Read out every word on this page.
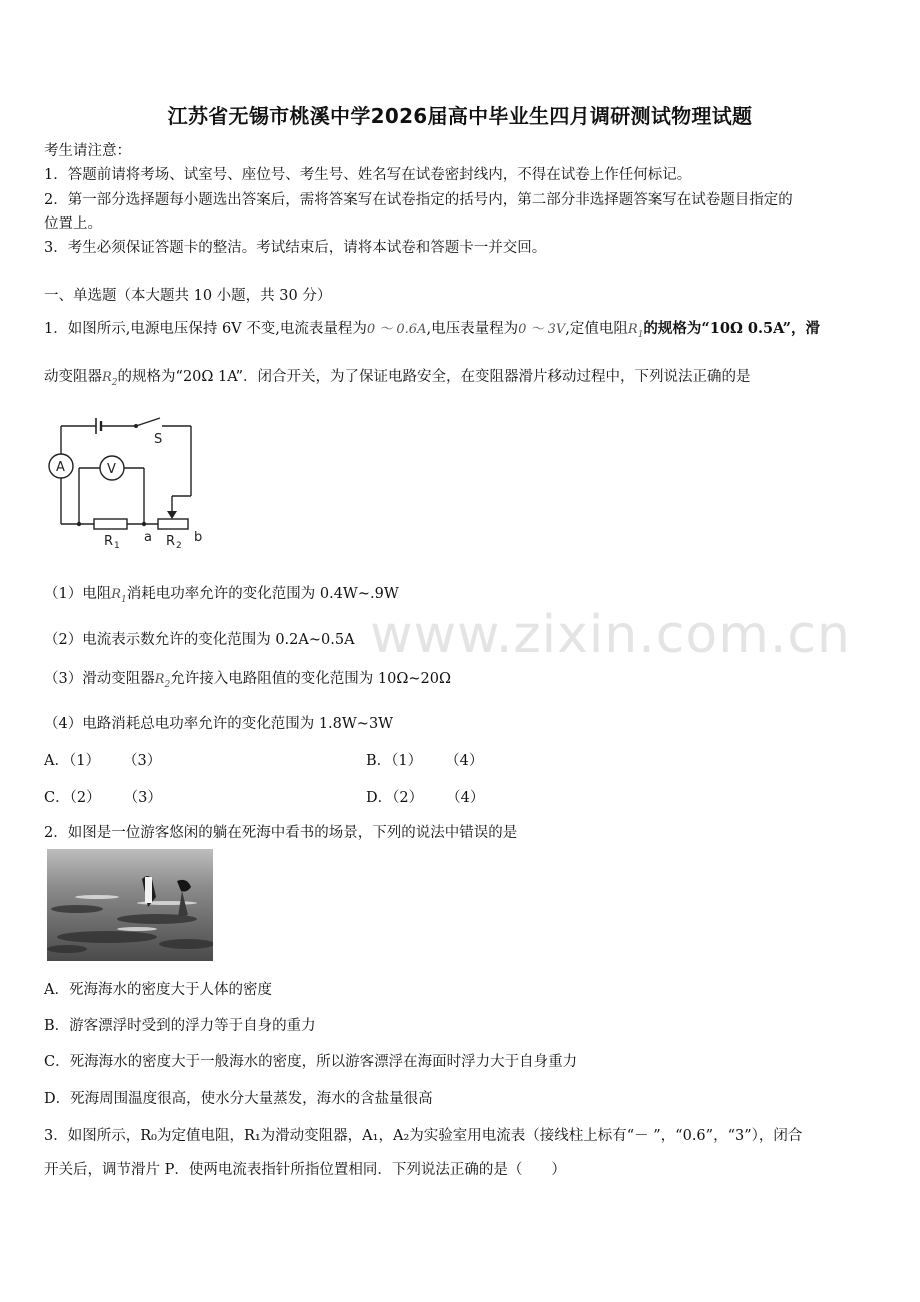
www.zixin.com.cn
江苏省无锡市桃溪中学2026届高中毕业生四月调研测试物理试题
考生请注意：
1．答题前请将考场、试室号、座位号、考生号、姓名写在试卷密封线内，不得在试卷上作任何标记。
2．第一部分选择题每小题选出答案后，需将答案写在试卷指定的括号内，第二部分非选择题答案写在试卷题目指定的
位置上。
3．考生必须保证答题卡的整洁。考试结束后，请将本试卷和答题卡一并交回。
一、单选题（本大题共 10 小题，共 30 分）
1．如图所示,电源电压保持 6V 不变,电流表量程为0 ～ 0.6A,电压表量程为0 ～ 3V,定值电阻$R_1$的规格为“10Ω 0.5A”，滑
动变阻器$R_2$的规格为“20Ω 1A”．闭合开关，为了保证电路安全，在变阻器滑片移动过程中，下列说法正确的是
S
A	V
R 1
a R 2
b
（1）电阻$R_1$消耗电功率允许的变化范围为 0.4W~.9W
（2）电流表示数允许的变化范围为 0.2A~0.5A
（3）滑动变阻器$R_2$允许接入电路阻值的变化范围为 10Ω~20Ω
（4）电路消耗总电功率允许的变化范围为 1.8W~3W
A．（1）     （3）	B．（1）     （4）
C．（2）     （3）	D．（2）     （4）
2．如图是一位游客悠闲的躺在死海中看书的场景，下列的说法中错误的是
A．死海海水的密度大于人体的密度
B．游客漂浮时受到的浮力等于自身的重力
C．死海海水的密度大于一般海水的密度，所以游客漂浮在海面时浮力大于自身重力
D．死海周围温度很高，使水分大量蒸发，海水的含盐量很高
3．如图所示，R₀为定值电阻，R₁为滑动变阻器，A₁，A₂为实验室用电流表（接线柱上标有“－ ”，“0.6”，“3”），闭合
开关后，调节滑片 P．使两电流表指针所指位置相同．下列说法正确的是（　　）
